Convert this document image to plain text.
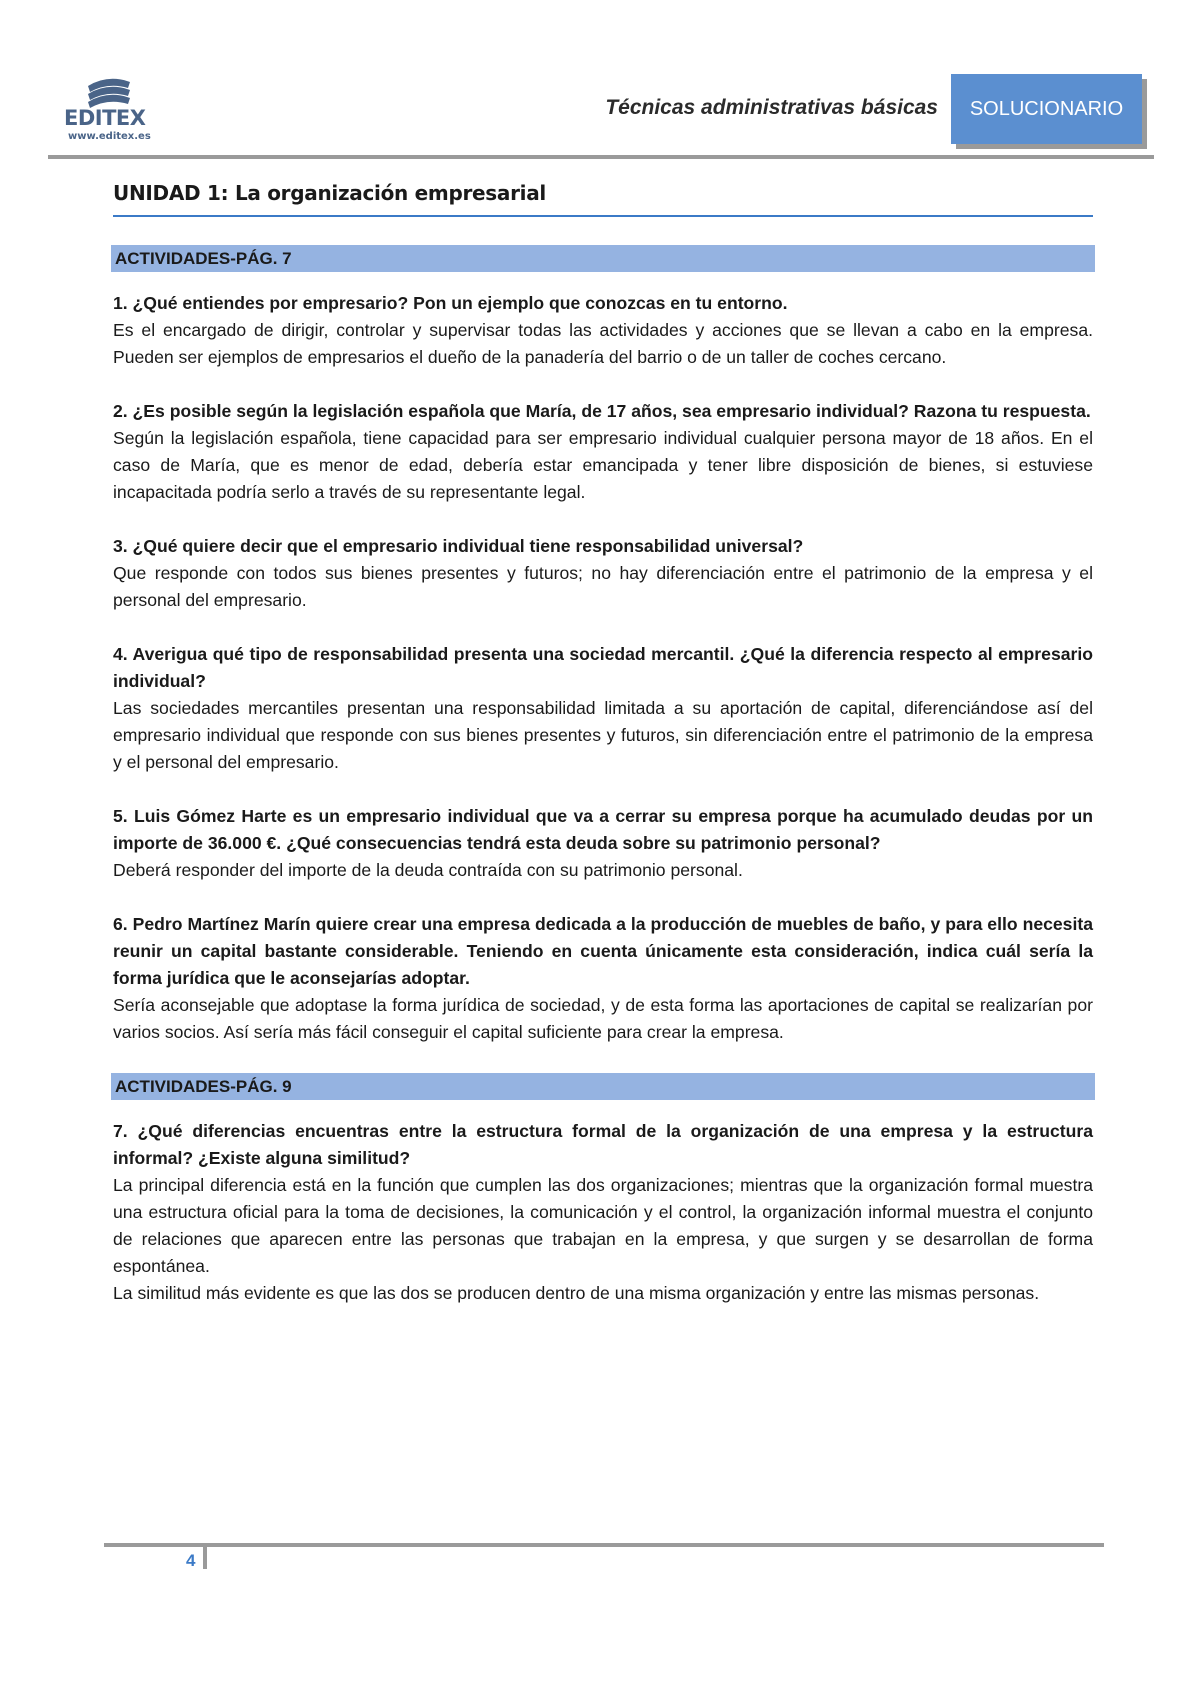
EDITEX
www.editex.es
Técnicas administrativas básicas	SOLUCIONARIO
UNIDAD 1: La organización empresarial
ACTIVIDADES-PÁG. 7
1. ¿Qué entiendes por empresario? Pon un ejemplo que conozcas en tu entorno.

Es el encargado de dirigir, controlar y supervisar todas las actividades y acciones que se llevan a cabo en la empresa. Pueden ser ejemplos de empresarios el dueño de la panadería del barrio o de un taller de coches cercano.

2. ¿Es posible según la legislación española que María, de 17 años, sea empresario individual? Razona tu respuesta.

Según la legislación española, tiene capacidad para ser empresario individual cualquier persona mayor de 18 años. En el caso de María, que es menor de edad, debería estar emancipada y tener libre disposición de bienes, si estuviese incapacitada podría serlo a través de su representante legal.

3. ¿Qué quiere decir que el empresario individual tiene responsabilidad universal?

Que responde con todos sus bienes presentes y futuros; no hay diferenciación entre el patrimonio de la empresa y el personal del empresario.

4. Averigua qué tipo de responsabilidad presenta una sociedad mercantil. ¿Qué la diferencia respecto al empresario individual?

Las sociedades mercantiles presentan una responsabilidad limitada a su aportación de capital, diferenciándose así del empresario individual que responde con sus bienes presentes y futuros, sin diferenciación entre el patrimonio de la empresa y el personal del empresario.

5. Luis Gómez Harte es un empresario individual que va a cerrar su empresa porque ha acumulado deudas por un importe de 36.000 €. ¿Qué consecuencias tendrá esta deuda sobre su patrimonio personal?

Deberá responder del importe de la deuda contraída con su patrimonio personal.

6. Pedro Martínez Marín quiere crear una empresa dedicada a la producción de muebles de baño, y para ello necesita reunir un capital bastante considerable. Teniendo en cuenta únicamente esta consideración, indica cuál sería la forma jurídica que le aconsejarías adoptar.

Sería aconsejable que adoptase la forma jurídica de sociedad, y de esta forma las aportaciones de capital se realizarían por varios socios. Así sería más fácil conseguir el capital suficiente para crear la empresa.

ACTIVIDADES-PÁG. 9
7. ¿Qué diferencias encuentras entre la estructura formal de la organización de una empresa y la estructura informal? ¿Existe alguna similitud?

La principal diferencia está en la función que cumplen las dos organizaciones; mientras que la organización formal muestra una estructura oficial para la toma de decisiones, la comunicación y el control, la organización informal muestra el conjunto de relaciones que aparecen entre las personas que trabajan en la empresa, y que surgen y se desarrollan de forma espontánea.

La similitud más evidente es que las dos se producen dentro de una misma organización y entre las mismas personas.

4
